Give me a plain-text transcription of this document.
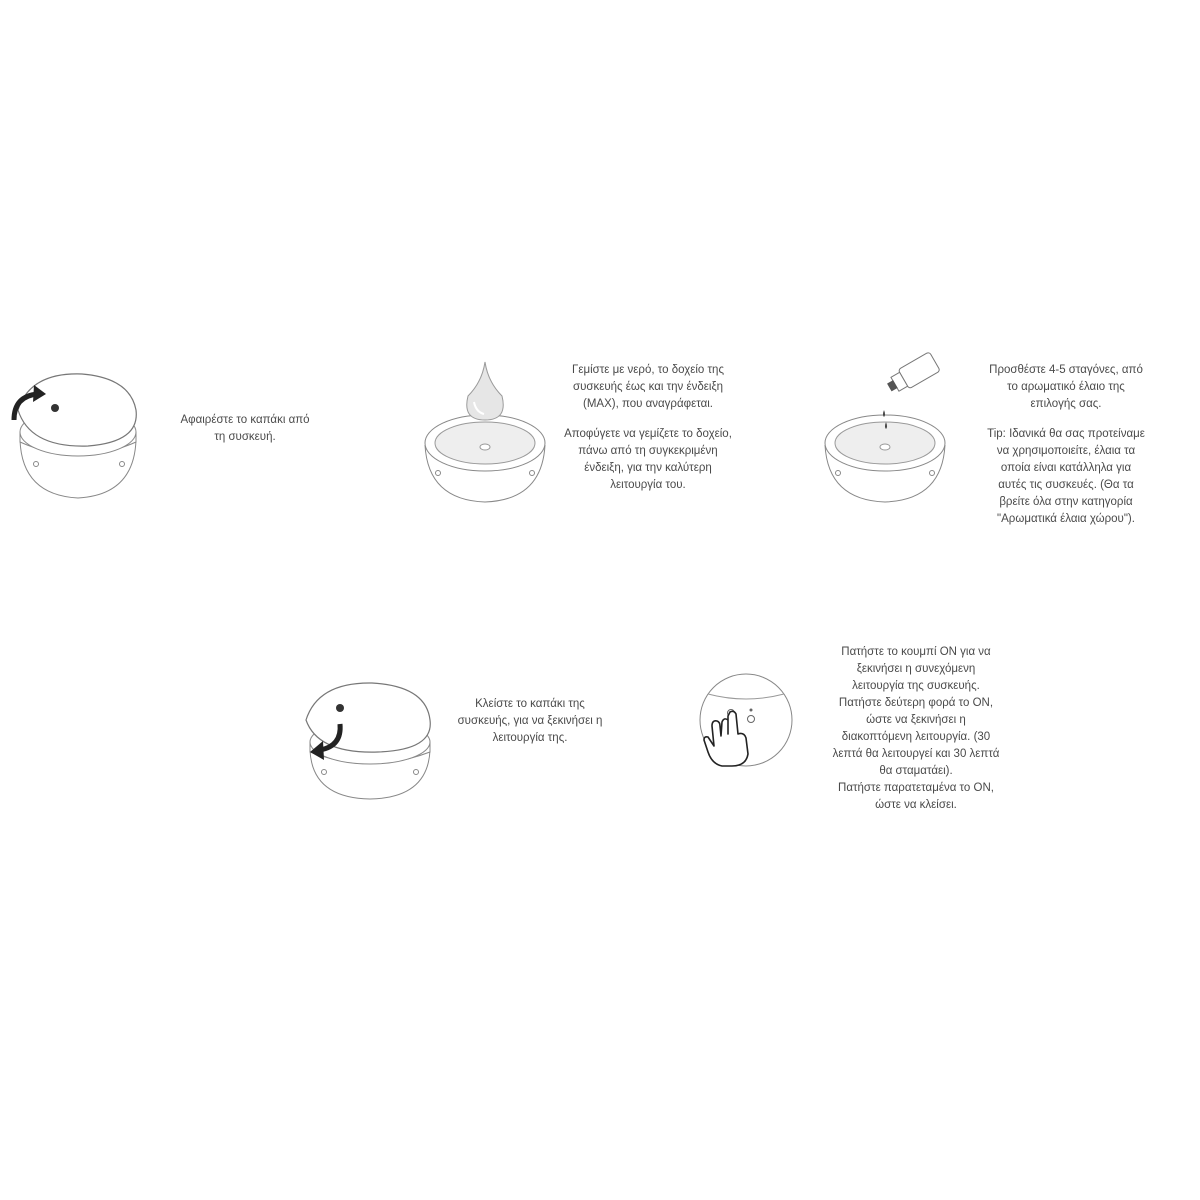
Αφαιρέστε το καπάκι από
τη συσκευή.

Γεμίστε με νερό, το δοχείο της
συσκευής έως και την ένδειξη
(MAX), που αναγράφεται.

Αποφύγετε να γεμίζετε το δοχείο,
πάνω από τη συγκεκριμένη
ένδειξη, για την καλύτερη
λειτουργία του.

Προσθέστε 4-5 σταγόνες, από
το αρωματικό έλαιο της
επιλογής σας.

Tip: Ιδανικά θα σας προτείναμε
να χρησιμοποιείτε, έλαια τα
οποία είναι κατάλληλα για
αυτές τις συσκευές. (Θα τα
βρείτε όλα στην κατηγορία
"Αρωματικά έλαια χώρου").

Κλείστε το καπάκι της
συσκευής, για να ξεκινήσει η
λειτουργία της.

Πατήστε το κουμπί ON για να
ξεκινήσει η συνεχόμενη
λειτουργία της συσκευής.
Πατήστε δεύτερη φορά το ON,
ώστε να ξεκινήσει η
διακοπτόμενη λειτουργία. (30
λεπτά θα λειτουργεί και 30 λεπτά
θα σταματάει).
Πατήστε παρατεταμένα το ON,
ώστε να κλείσει.
